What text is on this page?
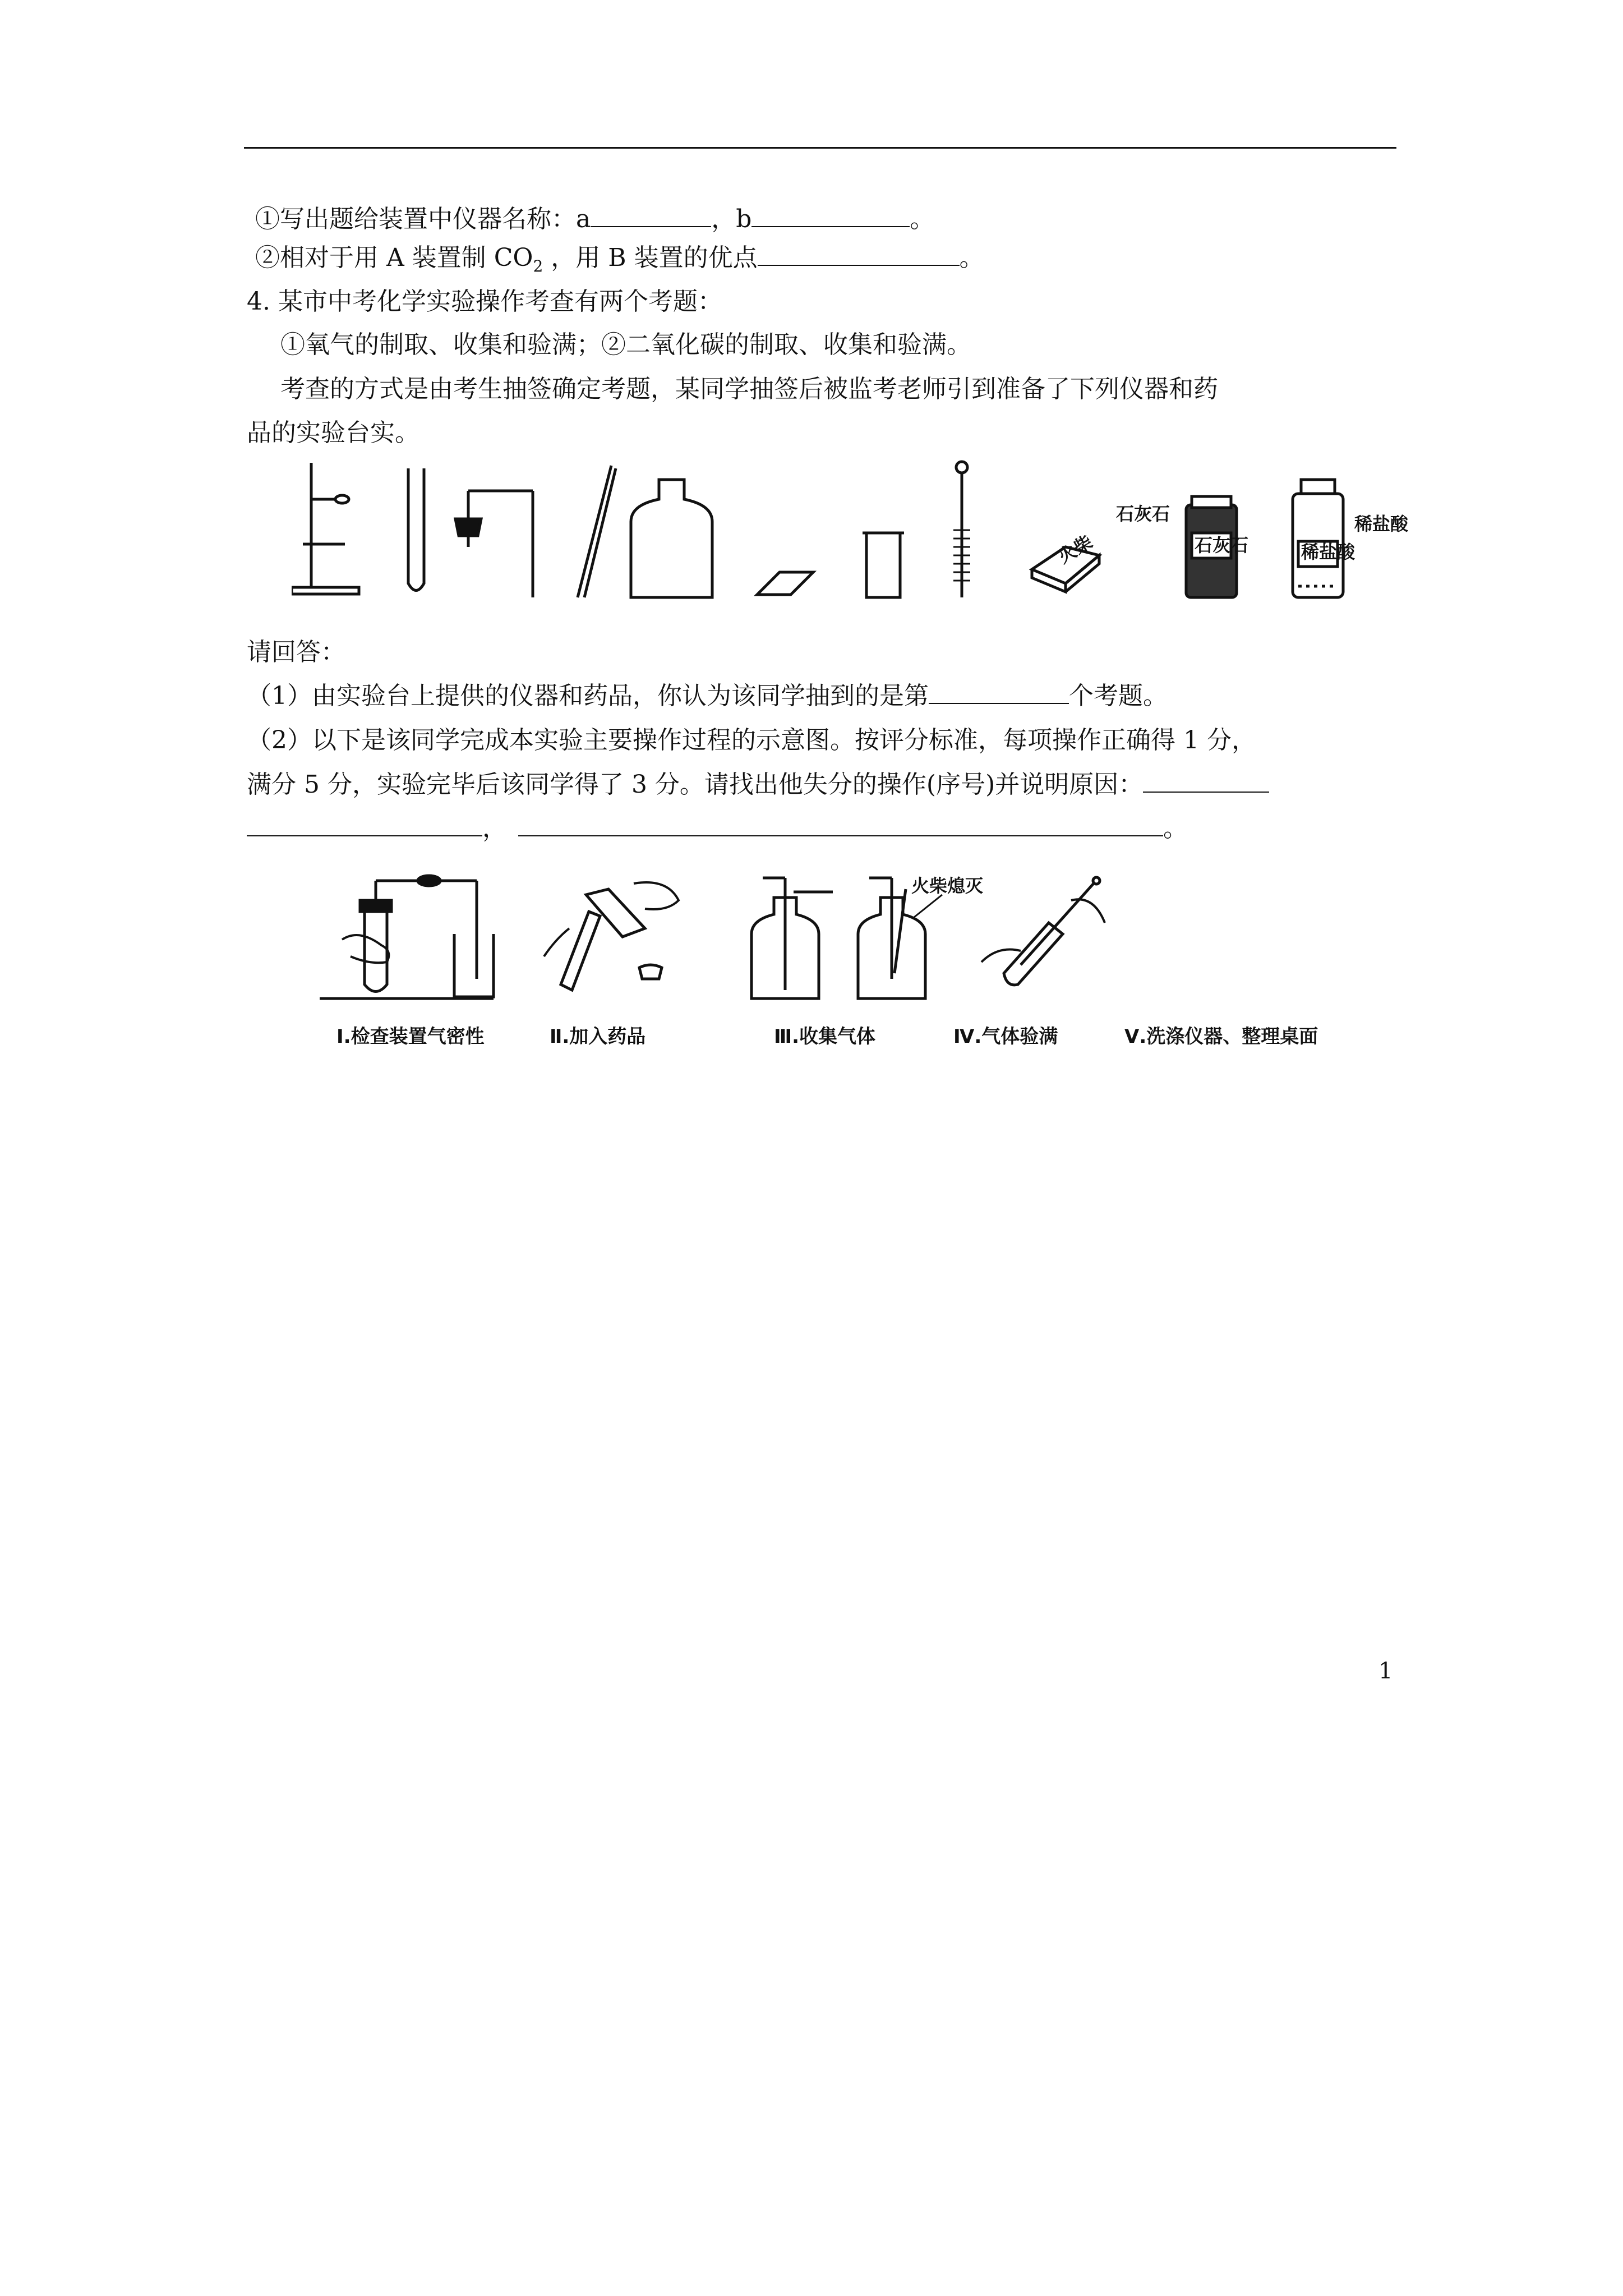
①写出题给装置中仪器名称：a	，b	。
②相对于用 A 装置制 $CO_2$ ，用 B 装置的优点	。
4. 某市中考化学实验操作考查有两个考题：
①氧气的制取、收集和验满；②二氧化碳的制取、收集和验满。
考查的方式是由考生抽签确定考题，某同学抽签后被监考老师引到准备了下列仪器和药
品的实验台实。
火柴
石灰石
石灰石
稀盐酸
稀盐酸
请回答：
（1）由实验台上提供的仪器和药品，你认为该同学抽到的是第	个考题。
（2）以下是该同学完成本实验主要操作过程的示意图。按评分标准，每项操作正确得 1 分，
满分 5 分，实验完毕后该同学得了 3 分。请找出他失分的操作(序号)并说明原因：
，	。
火柴熄灭
Ⅰ.检查装置气密性	Ⅱ.加入药品	Ⅲ.收集气体	Ⅳ.气体验满	Ⅴ.洗涤仪器、整理桌面
1
